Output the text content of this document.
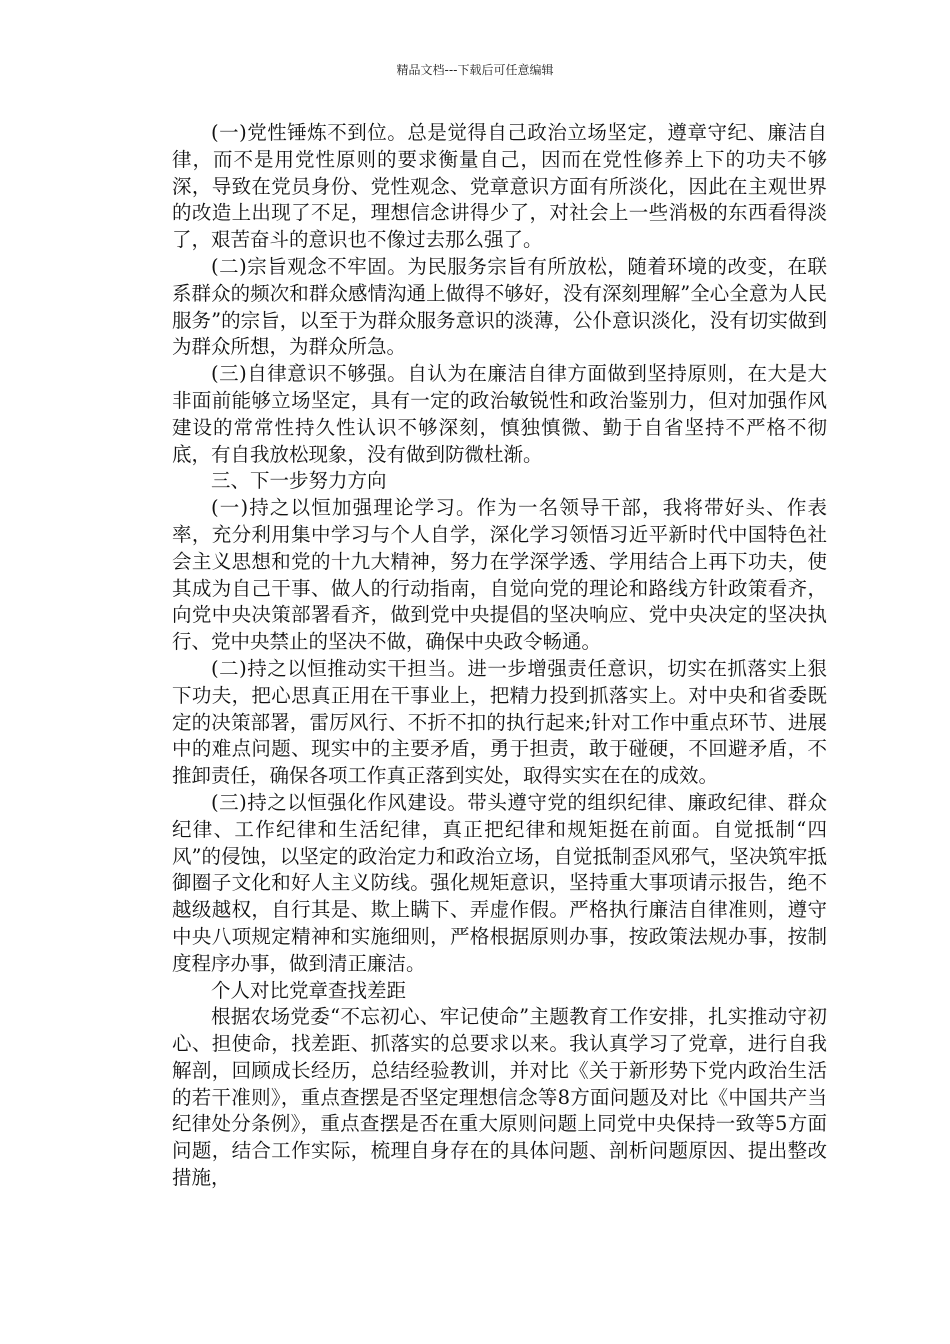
精品文档---下载后可任意编辑

(一)党性锤炼不到位。总是觉得自己政治立场坚定，遵章守纪、廉洁自律，而不是用党性原则的要求衡量自己，因而在党性修养上下的功夫不够深，导致在党员身份、党性观念、党章意识方面有所淡化，因此在主观世界的改造上出现了不足，理想信念讲得少了，对社会上一些消极的东西看得淡了，艰苦奋斗的意识也不像过去那么强了。

(二)宗旨观念不牢固。为民服务宗旨有所放松，随着环境的改变，在联系群众的频次和群众感情沟通上做得不够好，没有深刻理解”全心全意为人民服务”的宗旨，以至于为群众服务意识的淡薄，公仆意识淡化，没有切实做到为群众所想，为群众所急。

(三)自律意识不够强。自认为在廉洁自律方面做到坚持原则，在大是大非面前能够立场坚定，具有一定的政治敏锐性和政治鉴别力，但对加强作风建设的常常性持久性认识不够深刻，慎独慎微、勤于自省坚持不严格不彻底，有自我放松现象，没有做到防微杜渐。

三、下一步努力方向

(一)持之以恒加强理论学习。作为一名领导干部，我将带好头、作表率，充分利用集中学习与个人自学，深化学习领悟习近平新时代中国特色社会主义思想和党的十九大精神，努力在学深学透、学用结合上再下功夫，使其成为自己干事、做人的行动指南，自觉向党的理论和路线方针政策看齐，向党中央决策部署看齐，做到党中央提倡的坚决响应、党中央决定的坚决执行、党中央禁止的坚决不做，确保中央政令畅通。

(二)持之以恒推动实干担当。进一步增强责任意识，切实在抓落实上狠下功夫，把心思真正用在干事业上，把精力投到抓落实上。对中央和省委既定的决策部署，雷厉风行、不折不扣的执行起来;针对工作中重点环节、进展中的难点问题、现实中的主要矛盾，勇于担责，敢于碰硬，不回避矛盾，不推卸责任，确保各项工作真正落到实处，取得实实在在的成效。

(三)持之以恒强化作风建设。带头遵守党的组织纪律、廉政纪律、群众纪律、工作纪律和生活纪律，真正把纪律和规矩挺在前面。自觉抵制“四风”的侵蚀，以坚定的政治定力和政治立场，自觉抵制歪风邪气，坚决筑牢抵御圈子文化和好人主义防线。强化规矩意识，坚持重大事项请示报告，绝不越级越权，自行其是、欺上瞒下、弄虚作假。严格执行廉洁自律准则，遵守中央八项规定精神和实施细则，严格根据原则办事，按政策法规办事，按制度程序办事，做到清正廉洁。

个人对比党章查找差距

根据农场党委“不忘初心、牢记使命”主题教育工作安排，扎实推动守初心、担使命，找差距、抓落实的总要求以来。我认真学习了党章，进行自我解剖，回顾成长经历，总结经验教训，并对比《关于新形势下党内政治生活的若干准则》，重点查摆是否坚定理想信念等8方面问题及对比《中国共产当纪律处分条例》，重点查摆是否在重大原则问题上同党中央保持一致等5方面问题，结合工作实际，梳理自身存在的具体问题、剖析问题原因、提出整改措施，
